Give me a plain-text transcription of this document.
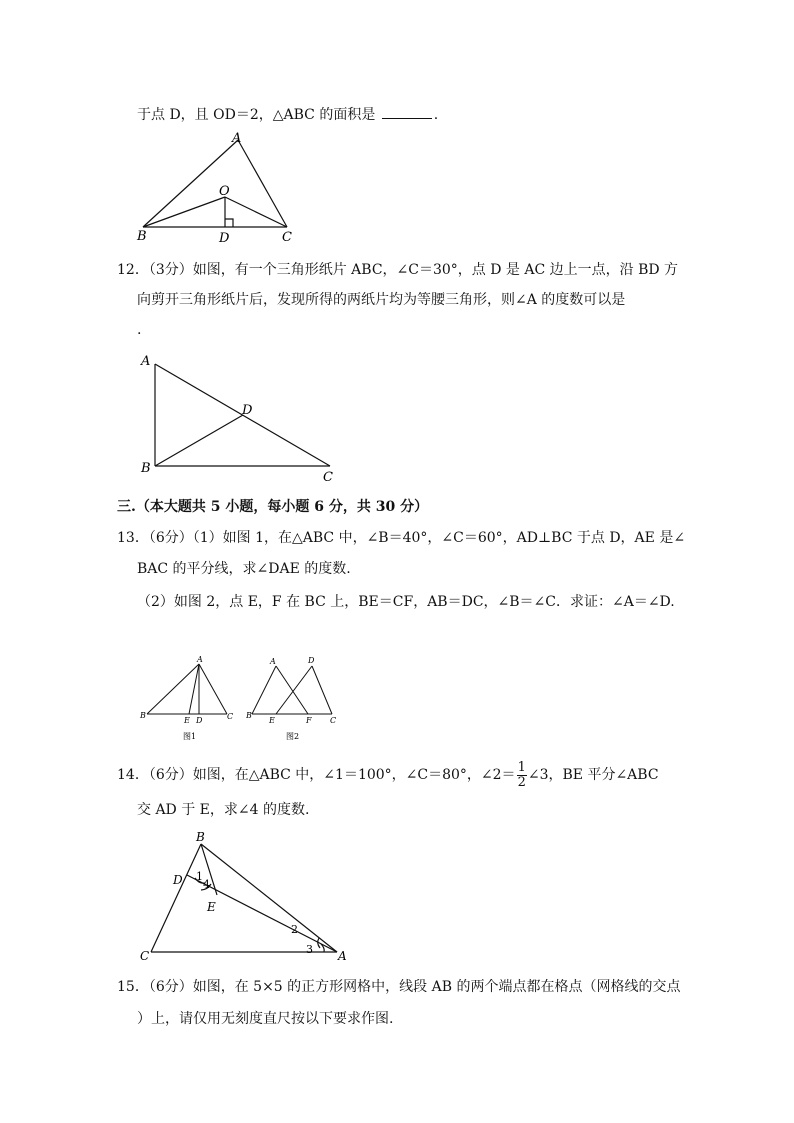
于点 D，且 OD＝2，△ABC 的面积是	.
A
O
B	D	C
12．（3分）如图，有一个三角形纸片 ABC，∠C＝30°，点 D 是 AC 边上一点，沿 BD 方
向剪开三角形纸片后，发现所得的两纸片均为等腰三角形，则∠A 的度数可以是
.
A
D
B
C
三.（本大题共 5 小题，每小题 6 分，共 30 分）
13．（6分）（1）如图 1，在△ABC 中，∠B＝40°，∠C＝60°，AD⊥BC 于点 D，AE 是∠
BAC 的平分线，求∠DAE 的度数.
（2）如图 2，点 E，F 在 BC 上，BE＝CF，AB＝DC，∠B＝∠C．求证：∠A＝∠D.
A
B
E D	C
图1
A	D
B
E	F C
图2
14．（6分）如图，在△ABC 中，∠1＝100°，∠C＝80°，∠2＝ $\frac{1}{2}$ ∠3，BE 平分∠ABC
交 AD 于 E，求∠4 的度数.
B
D 1
4
E
2
3
C	A
15．（6分）如图，在 5×5 的正方形网格中，线段 AB 的两个端点都在格点（网格线的交点
）上，请仅用无刻度直尺按以下要求作图.
